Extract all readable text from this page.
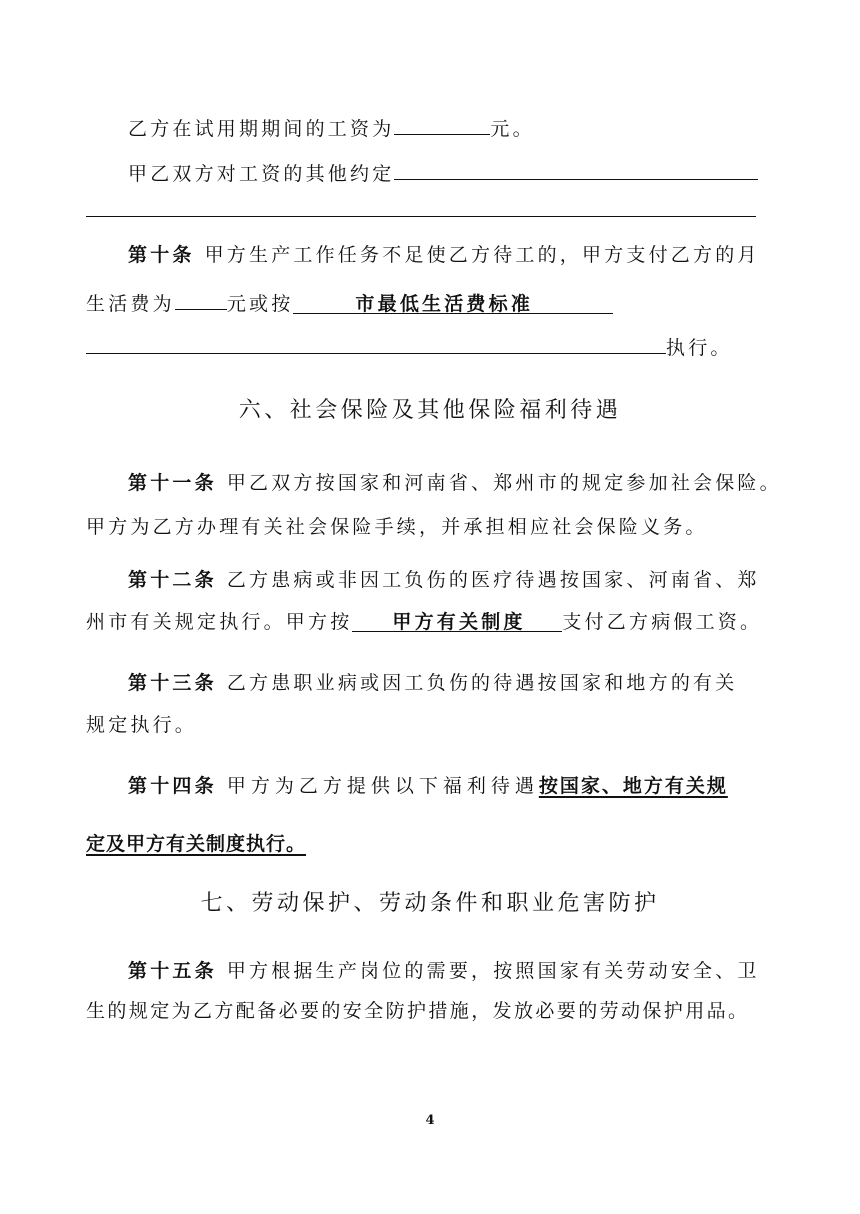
乙方在试用期期间的工资为	元。
甲乙双方对工资的其他约定
第十条 甲方生产工作任务不足使乙方待工的，甲方支付乙方的月
生活费为	元或按	市最低生活费标准
执行。
六、社会保险及其他保险福利待遇
第十一条 甲乙双方按国家和河南省、郑州市的规定参加社会保险。
甲方为乙方办理有关社会保险手续，并承担相应社会保险义务。
第十二条 乙方患病或非因工负伤的医疗待遇按国家、河南省、郑
州市有关规定执行。甲方按 甲方有关制度 支付乙方病假工资。
第十三条 乙方患职业病或因工负伤的待遇按国家和地方的有关
规定执行。
第十四条 甲方为乙方提供以下福利待遇按国家、地方有关规
定及甲方有关制度执行。
七、劳动保护、劳动条件和职业危害防护
第十五条 甲方根据生产岗位的需要，按照国家有关劳动安全、卫
生的规定为乙方配备必要的安全防护措施，发放必要的劳动保护用品。
4
